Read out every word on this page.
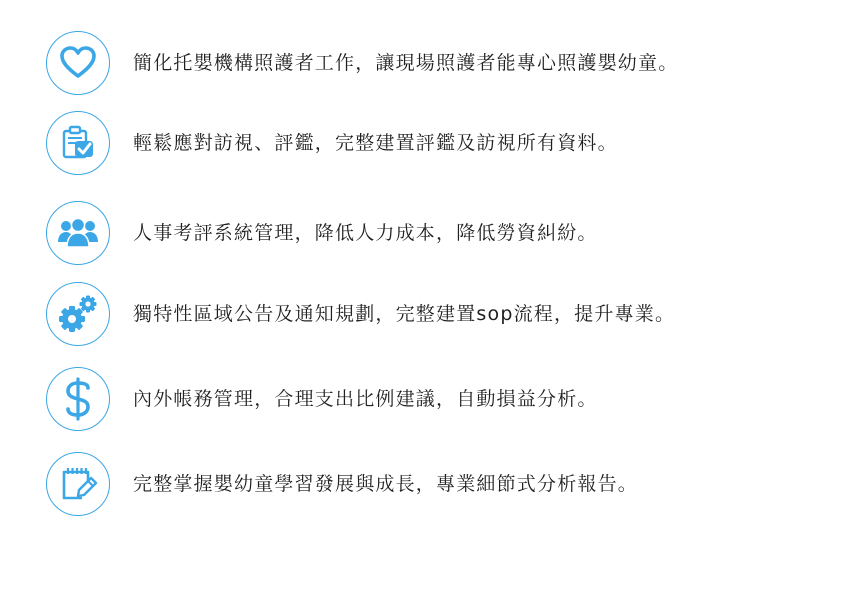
簡化托嬰機構照護者工作，讓現場照護者能專心照護嬰幼童。
輕鬆應對訪視、評鑑，完整建置評鑑及訪視所有資料。
人事考評系統管理，降低人力成本，降低勞資糾紛。
獨特性區域公告及通知規劃，完整建置sop流程，提升專業。
內外帳務管理，合理支出比例建議，自動損益分析。
完整掌握嬰幼童學習發展與成長，專業細節式分析報告。
